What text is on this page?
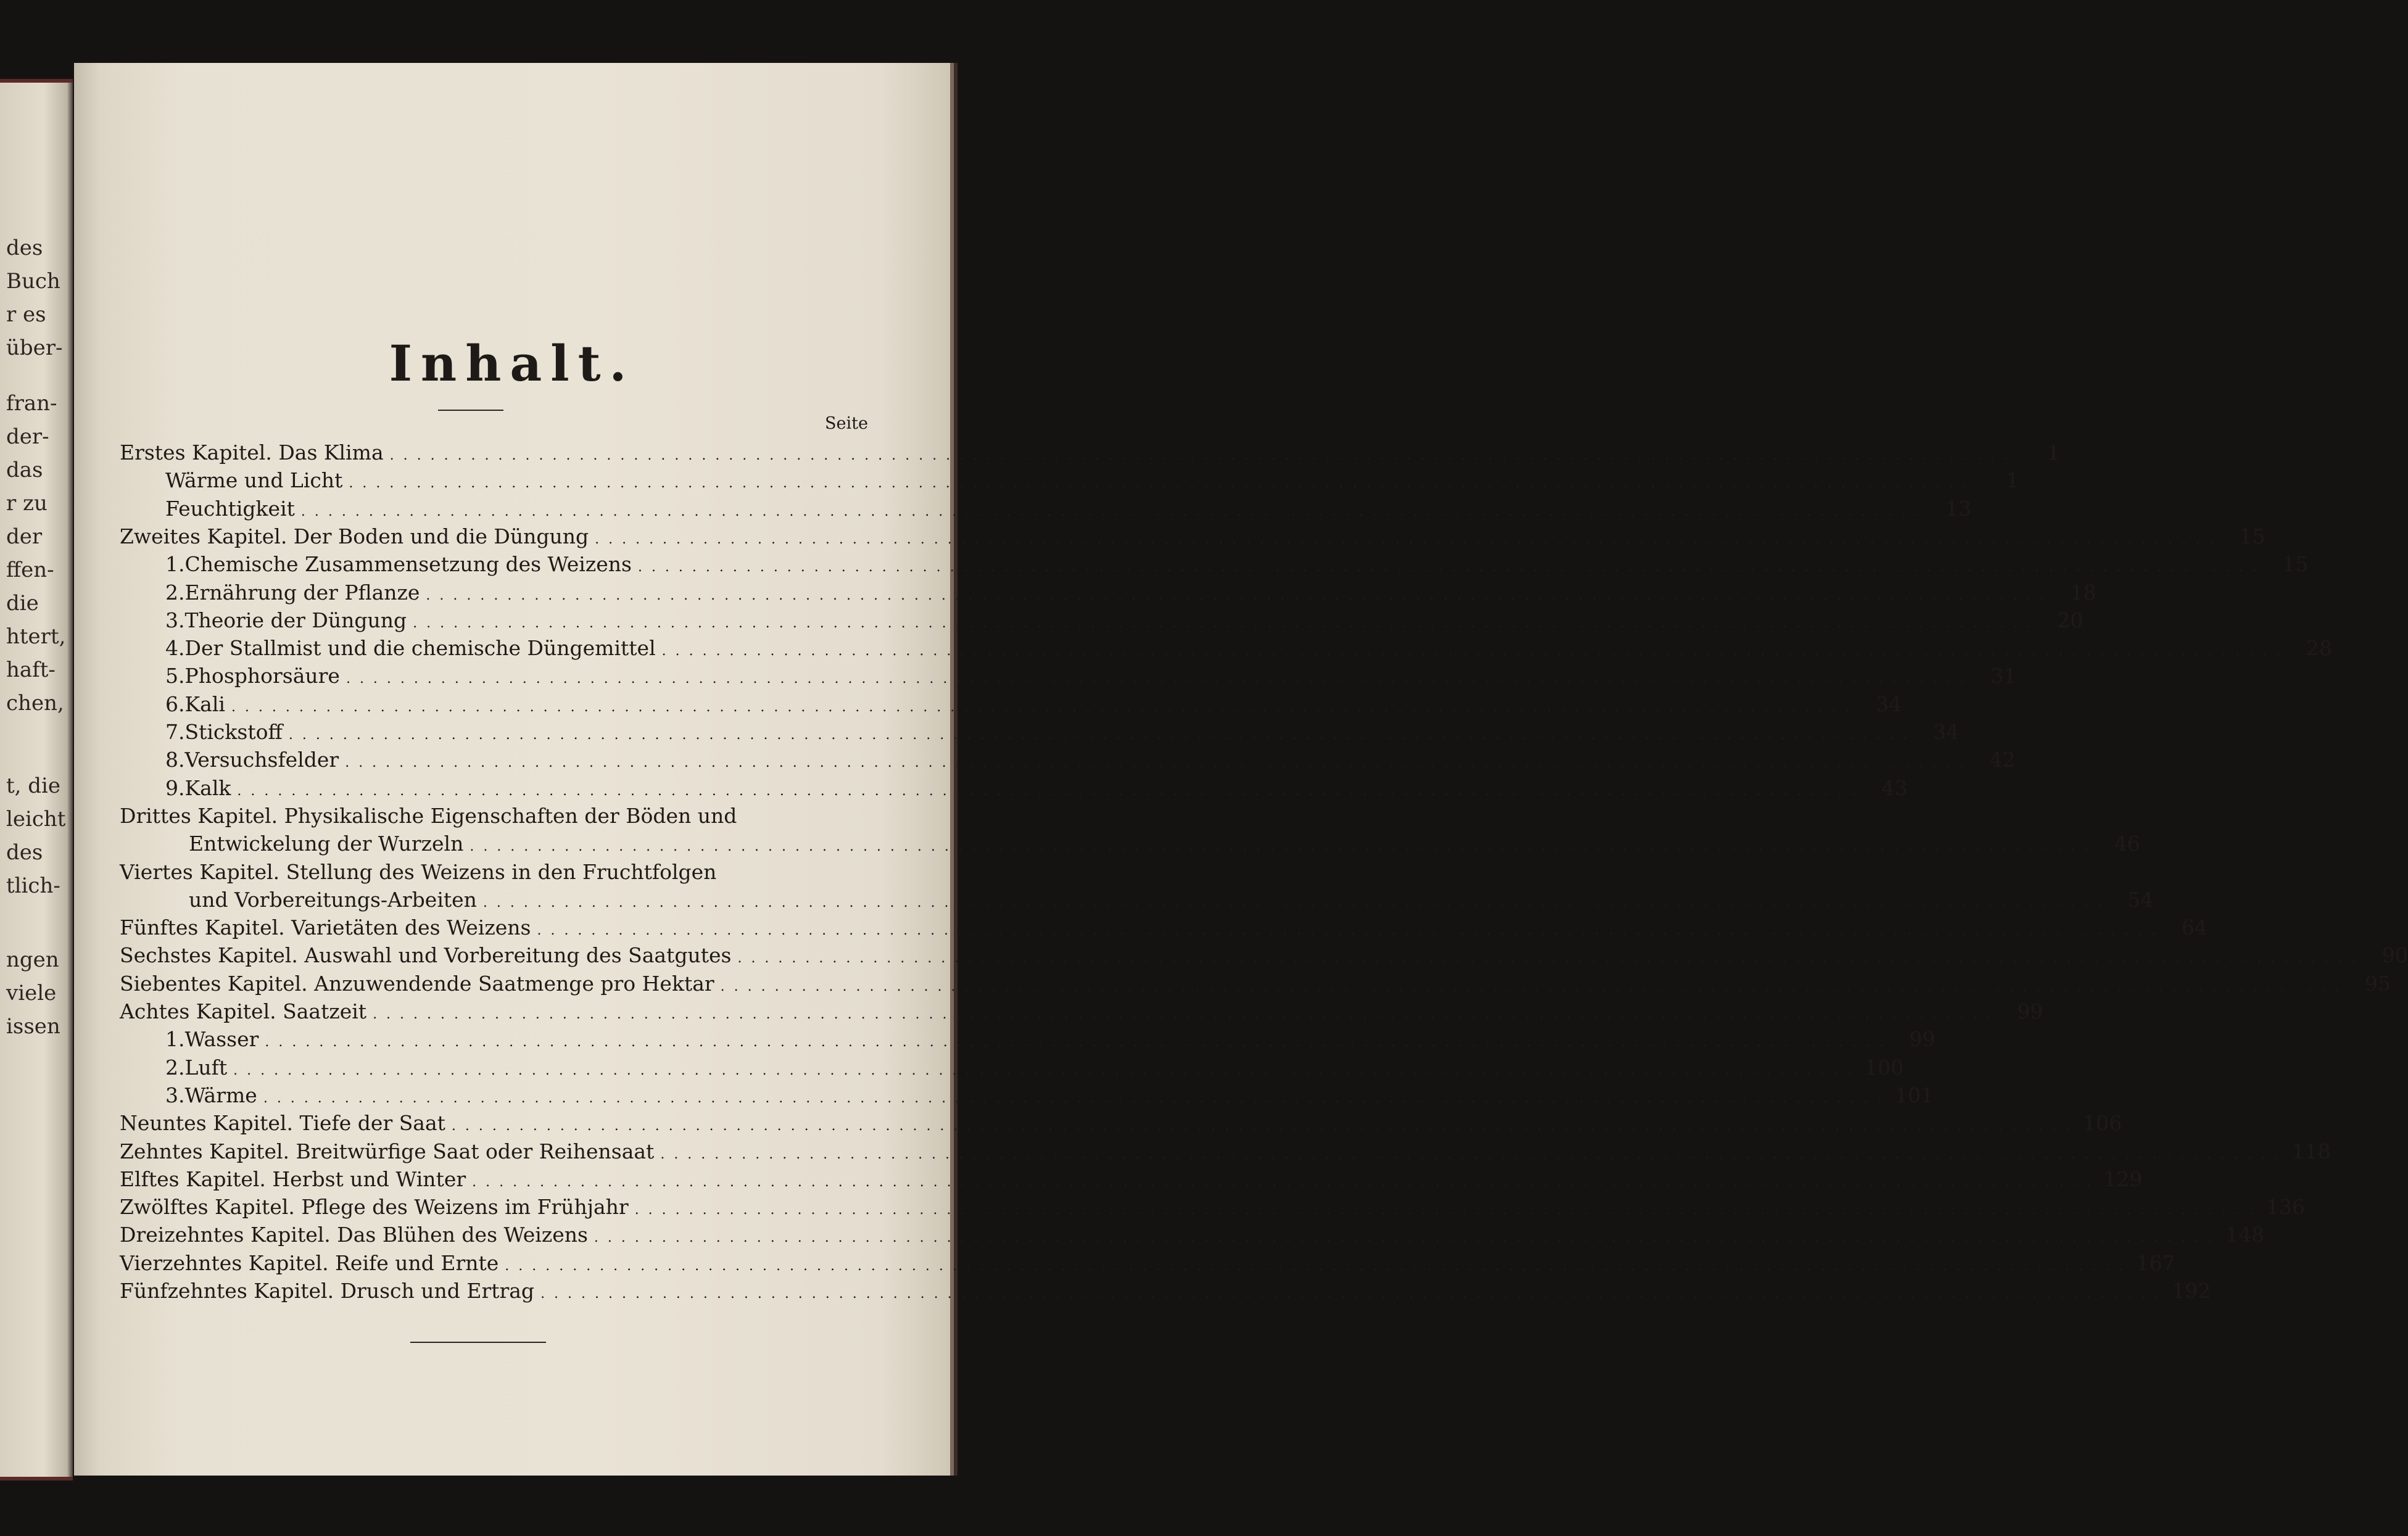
des
Buch
r es
über-
fran-
der-
das
r zu
der
ffen-
die
htert,
haft-
chen,
t, die
leicht
des
tlich-
ngen
viele
issen
Inhalt.
Seite
Erstes Kapitel. Das Klima . . . . . . . . . . . . . . . . . . . . . . . . . . . . . . . . . . . . . . . . . . . . . . . . . . . . . . . . . . . . . . . . . . . . . . . . . . . . . . . . . . . . . . . . . . . . . . . . . . . . . . . . . . . . . . . . . . . . . . . .	1
Wärme und Licht . . . . . . . . . . . . . . . . . . . . . . . . . . . . . . . . . . . . . . . . . . . . . . . . . . . . . . . . . . . . . . . . . . . . . . . . . . . . . . . . . . . . . . . . . . . . . . . . . . . . . . . . . . . . . . . . . . . . . . . .	1
Feuchtigkeit . . . . . . . . . . . . . . . . . . . . . . . . . . . . . . . . . . . . . . . . . . . . . . . . . . . . . . . . . . . . . . . . . . . . . . . . . . . . . . . . . . . . . . . . . . . . . . . . . . . . . . . . . . . . . . . . . . . . . . . .	13
Zweites Kapitel. Der Boden und die Düngung . . . . . . . . . . . . . . . . . . . . . . . . . . . . . . . . . . . . . . . . . . . . . . . . . . . . . . . . . . . . . . . . . . . . . . . . . . . . . . . . . . . . . . . . . . . . . . . . . . . . . . . . . . . . . . . . . . . . . . . .	15
1. Chemische Zusammensetzung des Weizens . . . . . . . . . . . . . . . . . . . . . . . . . . . . . . . . . . . . . . . . . . . . . . . . . . . . . . . . . . . . . . . . . . . . . . . . . . . . . . . . . . . . . . . . . . . . . . . . . . . . . . . . . . . . . . . . . . . . . . . .	15
2. Ernährung der Pflanze . . . . . . . . . . . . . . . . . . . . . . . . . . . . . . . . . . . . . . . . . . . . . . . . . . . . . . . . . . . . . . . . . . . . . . . . . . . . . . . . . . . . . . . . . . . . . . . . . . . . . . . . . . . . . . . . . . . . . . . .	18
3. Theorie der Düngung . . . . . . . . . . . . . . . . . . . . . . . . . . . . . . . . . . . . . . . . . . . . . . . . . . . . . . . . . . . . . . . . . . . . . . . . . . . . . . . . . . . . . . . . . . . . . . . . . . . . . . . . . . . . . . . . . . . . . . . .	20
4. Der Stallmist und die chemische Düngemittel . . . . . . . . . . . . . . . . . . . . . . . . . . . . . . . . . . . . . . . . . . . . . . . . . . . . . . . . . . . . . . . . . . . . . . . . . . . . . . . . . . . . . . . . . . . . . . . . . . . . . . . . . . . . . . . . . . . . . . . .	28
5. Phosphorsäure . . . . . . . . . . . . . . . . . . . . . . . . . . . . . . . . . . . . . . . . . . . . . . . . . . . . . . . . . . . . . . . . . . . . . . . . . . . . . . . . . . . . . . . . . . . . . . . . . . . . . . . . . . . . . . . . . . . . . . . .	31
6. Kali . . . . . . . . . . . . . . . . . . . . . . . . . . . . . . . . . . . . . . . . . . . . . . . . . . . . . . . . . . . . . . . . . . . . . . . . . . . . . . . . . . . . . . . . . . . . . . . . . . . . . . . . . . . . . . . . . . . . . . . .	34
7. Stickstoff . . . . . . . . . . . . . . . . . . . . . . . . . . . . . . . . . . . . . . . . . . . . . . . . . . . . . . . . . . . . . . . . . . . . . . . . . . . . . . . . . . . . . . . . . . . . . . . . . . . . . . . . . . . . . . . . . . . . . . . .	34
8. Versuchsfelder . . . . . . . . . . . . . . . . . . . . . . . . . . . . . . . . . . . . . . . . . . . . . . . . . . . . . . . . . . . . . . . . . . . . . . . . . . . . . . . . . . . . . . . . . . . . . . . . . . . . . . . . . . . . . . . . . . . . . . . .	42
9. Kalk . . . . . . . . . . . . . . . . . . . . . . . . . . . . . . . . . . . . . . . . . . . . . . . . . . . . . . . . . . . . . . . . . . . . . . . . . . . . . . . . . . . . . . . . . . . . . . . . . . . . . . . . . . . . . . . . . . . . . . . .	43
Drittes Kapitel. Physikalische Eigenschaften der Böden und
Entwickelung der Wurzeln . . . . . . . . . . . . . . . . . . . . . . . . . . . . . . . . . . . . . . . . . . . . . . . . . . . . . . . . . . . . . . . . . . . . . . . . . . . . . . . . . . . . . . . . . . . . . . . . . . . . . . . . . . . . . . . . . . . . . . . .	46
Viertes Kapitel. Stellung des Weizens in den Fruchtfolgen
und Vorbereitungs-Arbeiten . . . . . . . . . . . . . . . . . . . . . . . . . . . . . . . . . . . . . . . . . . . . . . . . . . . . . . . . . . . . . . . . . . . . . . . . . . . . . . . . . . . . . . . . . . . . . . . . . . . . . . . . . . . . . . . . . . . . . . . .	54
Fünftes Kapitel. Varietäten des Weizens . . . . . . . . . . . . . . . . . . . . . . . . . . . . . . . . . . . . . . . . . . . . . . . . . . . . . . . . . . . . . . . . . . . . . . . . . . . . . . . . . . . . . . . . . . . . . . . . . . . . . . . . . . . . . . . . . . . . . . . .	64
Sechstes Kapitel. Auswahl und Vorbereitung des Saatgutes . . . . . . . . . . . . . . . . . . . . . . . . . . . . . . . . . . . . . . . . . . . . . . . . . . . . . . . . . . . . . . . . . . . . . . . . . . . . . . . . . . . . . . . . . . . . . . . . . . . . . . . . . . . . . . . . . . . . . . . .	90
Siebentes Kapitel. Anzuwendende Saatmenge pro Hektar . . . . . . . . . . . . . . . . . . . . . . . . . . . . . . . . . . . . . . . . . . . . . . . . . . . . . . . . . . . . . . . . . . . . . . . . . . . . . . . . . . . . . . . . . . . . . . . . . . . . . . . . . . . . . . . . . . . . . . . .	95
Achtes Kapitel. Saatzeit . . . . . . . . . . . . . . . . . . . . . . . . . . . . . . . . . . . . . . . . . . . . . . . . . . . . . . . . . . . . . . . . . . . . . . . . . . . . . . . . . . . . . . . . . . . . . . . . . . . . . . . . . . . . . . . . . . . . . . . .	99
1. Wasser . . . . . . . . . . . . . . . . . . . . . . . . . . . . . . . . . . . . . . . . . . . . . . . . . . . . . . . . . . . . . . . . . . . . . . . . . . . . . . . . . . . . . . . . . . . . . . . . . . . . . . . . . . . . . . . . . . . . . . . .	99
2. Luft . . . . . . . . . . . . . . . . . . . . . . . . . . . . . . . . . . . . . . . . . . . . . . . . . . . . . . . . . . . . . . . . . . . . . . . . . . . . . . . . . . . . . . . . . . . . . . . . . . . . . . . . . . . . . . . . . . . . . . . . 100
3. Wärme . . . . . . . . . . . . . . . . . . . . . . . . . . . . . . . . . . . . . . . . . . . . . . . . . . . . . . . . . . . . . . . . . . . . . . . . . . . . . . . . . . . . . . . . . . . . . . . . . . . . . . . . . . . . . . . . . . . . . . . . 101
Neuntes Kapitel. Tiefe der Saat . . . . . . . . . . . . . . . . . . . . . . . . . . . . . . . . . . . . . . . . . . . . . . . . . . . . . . . . . . . . . . . . . . . . . . . . . . . . . . . . . . . . . . . . . . . . . . . . . . . . . . . . . . . . . . . . . . . . . . . . 106
Zehntes Kapitel. Breitwürfige Saat oder Reihensaat . . . . . . . . . . . . . . . . . . . . . . . . . . . . . . . . . . . . . . . . . . . . . . . . . . . . . . . . . . . . . . . . . . . . . . . . . . . . . . . . . . . . . . . . . . . . . . . . . . . . . . . . . . . . . . . . . . . . . . . . 118
Elftes Kapitel. Herbst und Winter . . . . . . . . . . . . . . . . . . . . . . . . . . . . . . . . . . . . . . . . . . . . . . . . . . . . . . . . . . . . . . . . . . . . . . . . . . . . . . . . . . . . . . . . . . . . . . . . . . . . . . . . . . . . . . . . . . . . . . . . 129
Zwölftes Kapitel. Pflege des Weizens im Frühjahr . . . . . . . . . . . . . . . . . . . . . . . . . . . . . . . . . . . . . . . . . . . . . . . . . . . . . . . . . . . . . . . . . . . . . . . . . . . . . . . . . . . . . . . . . . . . . . . . . . . . . . . . . . . . . . . . . . . . . . . . 136
Dreizehntes Kapitel. Das Blühen des Weizens . . . . . . . . . . . . . . . . . . . . . . . . . . . . . . . . . . . . . . . . . . . . . . . . . . . . . . . . . . . . . . . . . . . . . . . . . . . . . . . . . . . . . . . . . . . . . . . . . . . . . . . . . . . . . . . . . . . . . . . . 148
Vierzehntes Kapitel. Reife und Ernte . . . . . . . . . . . . . . . . . . . . . . . . . . . . . . . . . . . . . . . . . . . . . . . . . . . . . . . . . . . . . . . . . . . . . . . . . . . . . . . . . . . . . . . . . . . . . . . . . . . . . . . . . . . . . . . . . . . . . . . . 167
Fünfzehntes Kapitel. Drusch und Ertrag . . . . . . . . . . . . . . . . . . . . . . . . . . . . . . . . . . . . . . . . . . . . . . . . . . . . . . . . . . . . . . . . . . . . . . . . . . . . . . . . . . . . . . . . . . . . . . . . . . . . . . . . . . . . . . . . . . . . . . . . 192
